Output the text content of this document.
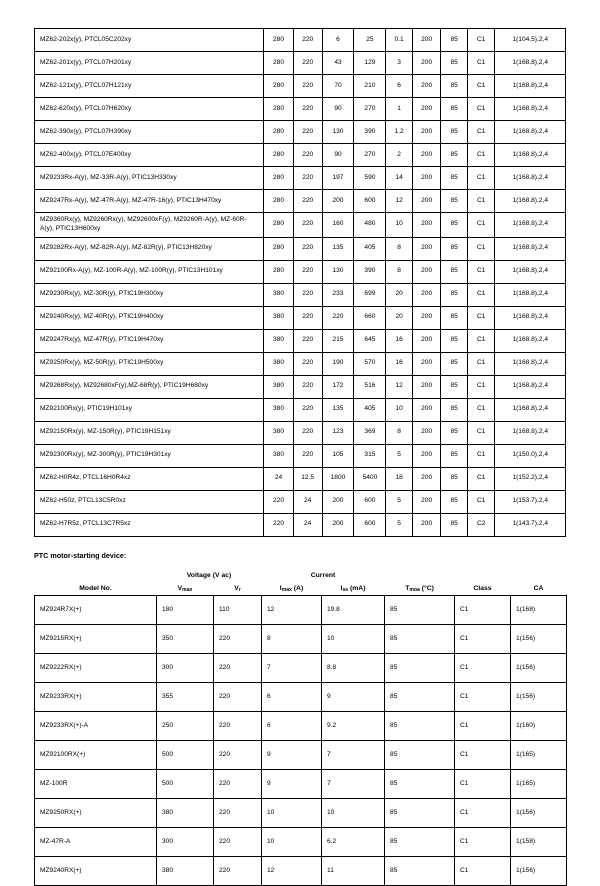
MZ62-202x(y), PTCL05C202xy	280	220	6	25	0.1	200	85	C1	1(104.5),2,4
MZ62-201x(y), PTCL07H201xy	280	220	43	129	3	200	85	C1	1(168.8),2,4
MZ62-121x(y), PTCL07H121xy	280	220	70	210	6	200	85	C1	1(168.8),2,4
MZ62-620x(y), PTCL07H620xy	280	220	90	270	1	200	85	C1	1(168.8),2,4
MZ62-390x(y), PTCL07H390xy	280	220	130	390	1.2	200	85	C1	1(168.8),2,4
MZ62-400x(y), PTCL07E400xy	280	220	90	270	2	200	85	C1	1(168.8),2,4
MZ9233Rx-A(y), MZ-33R-A(y), PTIC13H330xy	280	220	197	590	14	200	85	C1	1(168.8),2,4
MZ9247Rx-A(y), MZ-47R-A(y), MZ-47R-16(y), PTIC13H470xy	280	220	200	600	12	200	85	C1	1(168.8),2,4
MZ9360Rx(y), MZ9260Rx(y), MZ92600xF(y), MZ9260R-A(y), MZ-60R-A(y), PTIC13H600xy	280	220	160	480	10	200	85	C1	1(168.8),2,4
MZ9282Rx-A(y), MZ-82R-A(y), MZ-82R(y), PTIC13H820xy	280	220	135	405	8	200	85	C1	1(168.8),2,4
MZ92100Rx-A(y), MZ-100R-A(y), MZ-100R(y), PTIC13H101xy	280	220	130	390	8	200	85	C1	1(168.8),2,4
MZ9230Rx(y), MZ-30R(y), PTIC19H300xy	380	220	233	699	20	200	85	C1	1(168.8),2,4
MZ9240Rx(y), MZ-40R(y), PTIC19H400xy	380	220	220	660	20	200	85	C1	1(168.8),2,4
MZ9247Rx(y), MZ-47R(y), PTIC19H470xy	380	220	215	645	16	200	85	C1	1(168.8),2,4
MZ9250Rx(y), MZ-50R(y), PTIC19H500xy	380	220	190	570	16	200	85	C1	1(168.8),2,4
MZ9268Rx(y), MZ92680xF(y),MZ-68R(y), PTIC19H680xy	380	220	172	516	12	200	85	C1	1(168.8),2,4
MZ92100Rx(y), PTIC19H101xy	380	220	135	405	10	200	85	C1	1(168.8),2,4
MZ92150Rx(y), MZ-150R(y), PTIC19H151xy	380	220	123	369	8	200	85	C1	1(168.8),2,4
MZ92300Rx(y), MZ-300R(y), PTIC19H301xy	380	220	105	315	5	200	85	C1	1(150.0),2,4
MZ62-H0R4z, PTCL16H0R4xz	24	12.5	1800	5400	18	200	85	C1	1(152.2),2,4
MZ62-H50z, PTCL13C5R0xz	220	24	200	600	5	200	85	C1	1(153.7),2,4
MZ62-H7R5z, PTCL13C7R5xz	220	24	200	600	5	200	85	C2	1(143.7),2,4
PTC motor-starting device:
	Voltage (V ac)		Current				
Model No.	$V_{max}$	$V_r$	$I_{max}$ (A)	$I_{ss}$ (mA)	$T_{moa}$ (°C)	Class	CA
MZ924R7X(+)	180	110	12	19.8	85	C1	1(168)
MZ9215RX(+)	350	220	8	10	85	C1	1(156)
MZ9222RX(+)	300	220	7	8.8	85	C1	1(156)
MZ9233RX(+)	355	220	6	9	85	C1	1(156)
MZ9233RX(+)-A	250	220	6	9.2	85	C1	1(160)
MZ92100RX(+)	500	220	9	7	85	C1	1(165)
MZ-100R	500	220	9	7	85	C1	1(165)
MZ9250RX(+)	380	220	10	10	85	C1	1(156)
MZ-47R-A	300	220	10	6.2	85	C1	1(158)
MZ9240RX(+)	380	220	12	11	85	C1	1(156)
